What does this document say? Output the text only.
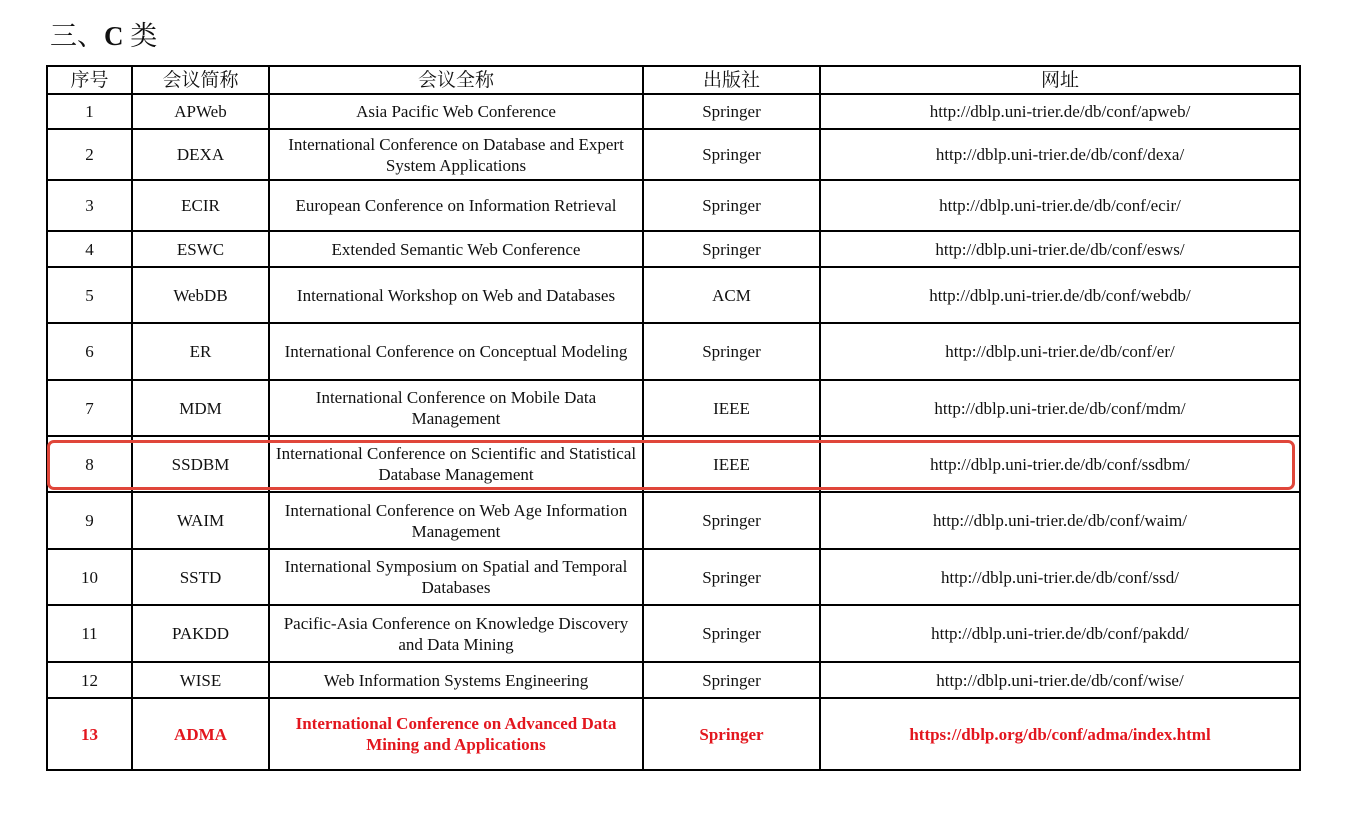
三、C 类
序号	会议简称	会议全称	出版社	网址
1	APWeb	Asia Pacific Web Conference	Springer	http://dblp.uni-trier.de/db/conf/apweb/
2	DEXA	International Conference on Database and Expert System Applications	Springer	http://dblp.uni-trier.de/db/conf/dexa/
3	ECIR	European Conference on Information Retrieval	Springer	http://dblp.uni-trier.de/db/conf/ecir/
4	ESWC	Extended Semantic Web Conference	Springer	http://dblp.uni-trier.de/db/conf/esws/
5	WebDB	International Workshop on Web and Databases	ACM	http://dblp.uni-trier.de/db/conf/webdb/
6	ER	International Conference on Conceptual Modeling	Springer	http://dblp.uni-trier.de/db/conf/er/
7	MDM	International Conference on Mobile Data Management	IEEE	http://dblp.uni-trier.de/db/conf/mdm/
8	SSDBM	International Conference on Scientific and Statistical Database Management	IEEE	http://dblp.uni-trier.de/db/conf/ssdbm/
9	WAIM	International Conference on Web Age Information Management	Springer	http://dblp.uni-trier.de/db/conf/waim/
10	SSTD	International Symposium on Spatial and Temporal Databases	Springer	http://dblp.uni-trier.de/db/conf/ssd/
11	PAKDD	Pacific-Asia Conference on Knowledge Discovery and Data Mining	Springer	http://dblp.uni-trier.de/db/conf/pakdd/
12	WISE	Web Information Systems Engineering	Springer	http://dblp.uni-trier.de/db/conf/wise/
13	ADMA	International Conference on Advanced Data Mining and Applications	Springer	https://dblp.org/db/conf/adma/index.html
